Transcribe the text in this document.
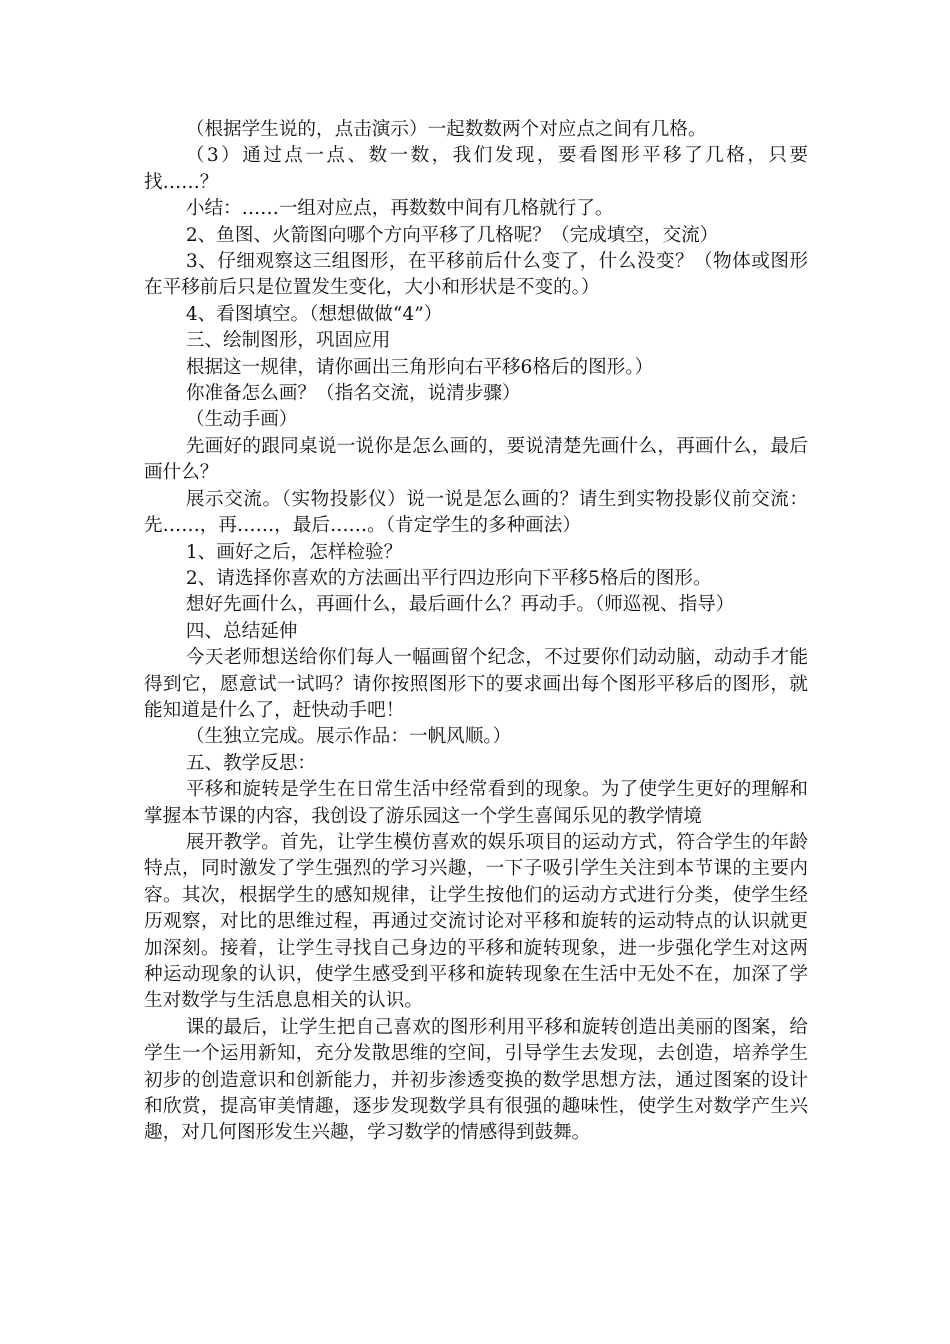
（根据学生说的，点击演示）一起数数两个对应点之间有几格。

（3）通过点一点、数一数，我们发现，要看图形平移了几格，只要找……？

小结：……一组对应点，再数数中间有几格就行了。

2、鱼图、火箭图向哪个方向平移了几格呢？（完成填空，交流）

3、仔细观察这三组图形，在平移前后什么变了，什么没变？（物体或图形在平移前后只是位置发生变化，大小和形状是不变的。）

4、看图填空。（想想做做“4”）

三、绘制图形，巩固应用

根据这一规律，请你画出三角形向右平移6格后的图形。）

你准备怎么画？（指名交流，说清步骤）

（生动手画）

先画好的跟同桌说一说你是怎么画的，要说清楚先画什么，再画什么，最后画什么？

展示交流。（实物投影仪）说一说是怎么画的？请生到实物投影仪前交流：先……，再……，最后……。（肯定学生的多种画法）

1、画好之后，怎样检验？

2、请选择你喜欢的方法画出平行四边形向下平移5格后的图形。

想好先画什么，再画什么，最后画什么？再动手。（师巡视、指导）

四、总结延伸

今天老师想送给你们每人一幅画留个纪念，不过要你们动动脑，动动手才能得到它，愿意试一试吗？请你按照图形下的要求画出每个图形平移后的图形，就能知道是什么了，赶快动手吧！

（生独立完成。展示作品：一帆风顺。）

五、教学反思：

平移和旋转是学生在日常生活中经常看到的现象。为了使学生更好的理解和掌握本节课的内容，我创设了游乐园这一个学生喜闻乐见的教学情境

展开教学。首先，让学生模仿喜欢的娱乐项目的运动方式，符合学生的年龄特点，同时激发了学生强烈的学习兴趣，一下子吸引学生关注到本节课的主要内容。其次，根据学生的感知规律，让学生按他们的运动方式进行分类，使学生经历观察，对比的思维过程，再通过交流讨论对平移和旋转的运动特点的认识就更加深刻。接着，让学生寻找自己身边的平移和旋转现象，进一步强化学生对这两种运动现象的认识，使学生感受到平移和旋转现象在生活中无处不在，加深了学生对数学与生活息息相关的认识。

课的最后，让学生把自己喜欢的图形利用平移和旋转创造出美丽的图案，给学生一个运用新知，充分发散思维的空间，引导学生去发现，去创造，培养学生初步的创造意识和创新能力，并初步渗透变换的数学思想方法，通过图案的设计和欣赏，提高审美情趣，逐步发现数学具有很强的趣味性，使学生对数学产生兴趣，对几何图形发生兴趣，学习数学的情感得到鼓舞。
